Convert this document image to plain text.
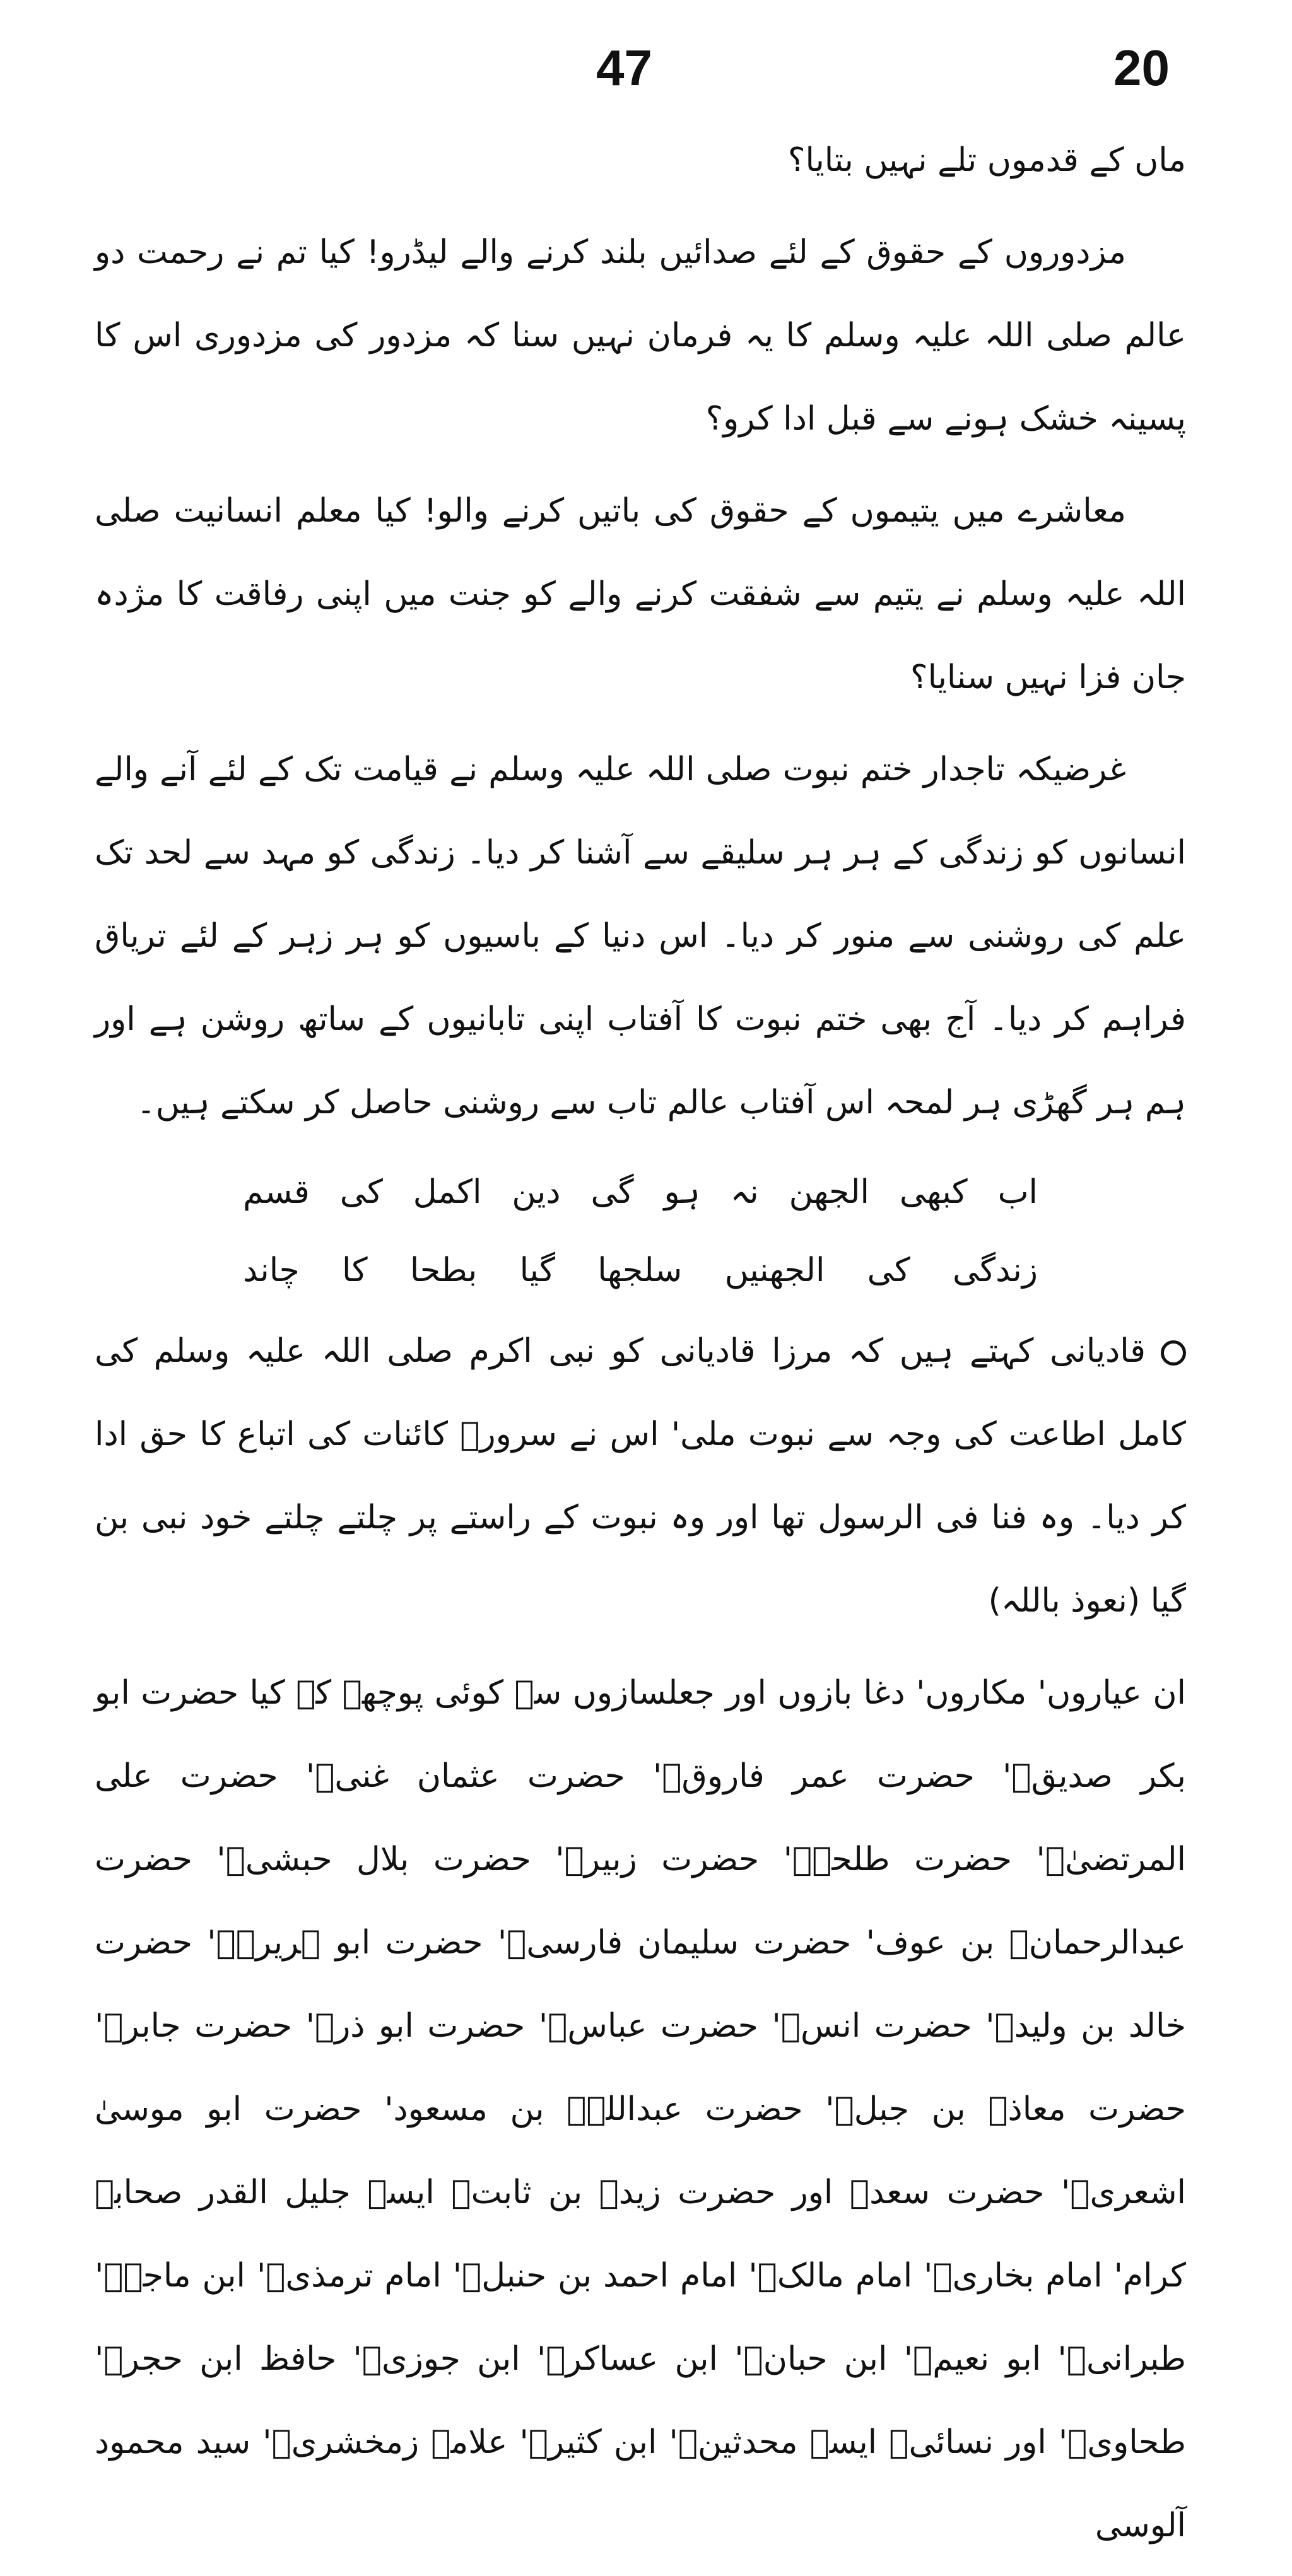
47	20

ماں کے قدموں تلے نہیں بتایا؟

مزدوروں کے حقوق کے لئے صدائیں بلند کرنے والے لیڈرو! کیا تم نے رحمت دو عالم صلی اللہ علیہ وسلم کا یہ فرمان نہیں سنا کہ مزدور کی مزدوری اس کا پسینہ خشک ہونے سے قبل ادا کرو؟

معاشرے میں یتیموں کے حقوق کی باتیں کرنے والو! کیا معلم انسانیت صلی اللہ علیہ وسلم نے یتیم سے شفقت کرنے والے کو جنت میں اپنی رفاقت کا مژدہ جان فزا نہیں سنایا؟

غرضیکہ تاجدار ختم نبوت صلی اللہ علیہ وسلم نے قیامت تک کے لئے آنے والے انسانوں کو زندگی کے ہر ہر سلیقے سے آشنا کر دیا۔ زندگی کو مہد سے لحد تک علم کی روشنی سے منور کر دیا۔ اس دنیا کے باسیوں کو ہر زہر کے لئے تریاق فراہم کر دیا۔ آج بھی ختم نبوت کا آفتاب اپنی تابانیوں کے ساتھ روشن ہے اور ہم ہر گھڑی ہر لمحہ اس آفتاب عالم تاب سے روشنی حاصل کر سکتے ہیں۔

اب کبھی الجھن نہ ہو گی دین اکمل کی قسم
زندگی کی الجھنیں سلجھا گیا بطحا کا چاند
قادیانی کہتے ہیں کہ مرزا قادیانی کو نبی اکرم صلی اللہ علیہ وسلم کی کامل اطاعت کی وجہ سے نبوت ملی' اس نے سرورؐ کائنات کی اتباع کا حق ادا کر دیا۔ وہ فنا فی الرسول تھا اور وہ نبوت کے راستے پر چلتے چلتے خود نبی بن گیا (نعوذ باللہ)

ان عیاروں' مکاروں' دغا بازوں اور جعلسازوں سے کوئی پوچھے کہ کیا حضرت ابو بکر صدیقؓ' حضرت عمر فاروقؓ' حضرت عثمان غنیؓ' حضرت علی المرتضیٰؓ' حضرت طلحہؓ' حضرت زبیرؓ' حضرت بلال حبشیؓ' حضرت عبدالرحمانؓ بن عوف' حضرت سلیمان فارسیؓ' حضرت ابو ہریرہؓ' حضرت خالد بن ولیدؓ' حضرت انسؓ' حضرت عباسؓ' حضرت ابو ذرؓ' حضرت جابرؓ' حضرت معاذؓ بن جبلؓ' حضرت عبداللہؓ بن مسعود' حضرت ابو موسیٰ اشعریؓ' حضرت سعدؓ اور حضرت زیدؓ بن ثابتؓ ایسے جلیل القدر صحابہ کرام' امام بخاریؒ' امام مالکؒ' امام احمد بن حنبلؒ' امام ترمذیؒ' ابن ماجہؒ' طبرانیؒ' ابو نعیمؒ' ابن حبانؒ' ابن عساکرؒ' ابن جوزیؒ' حافظ ابن حجرؒ' طحاویؒ' اور نسائیؒ ایسے محدثینؒ' ابن کثیرؒ' علامہ زمخشریؒ' سید محمود آلوسی
